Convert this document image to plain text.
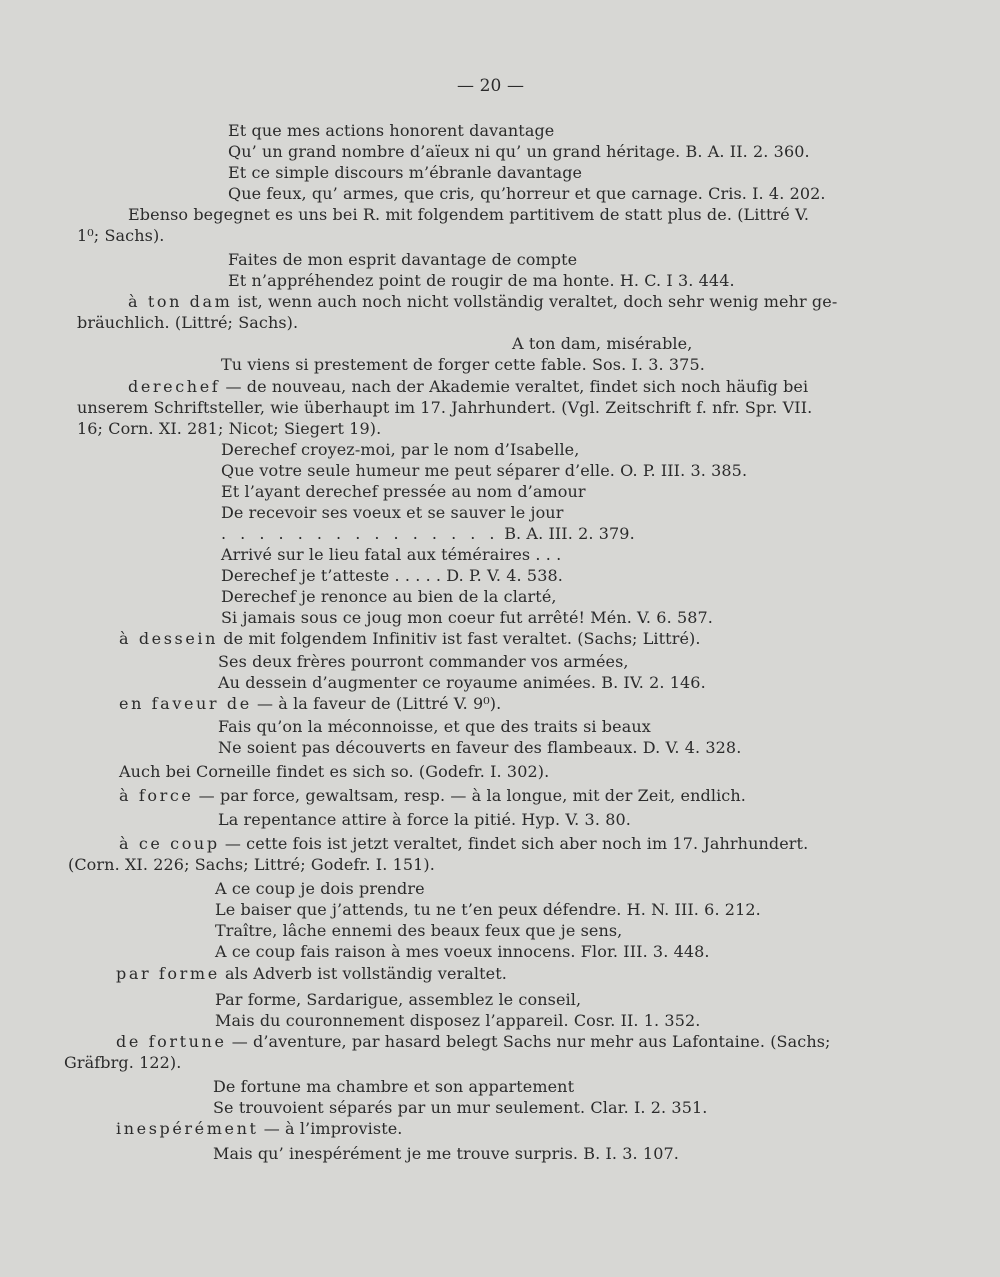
— 20 —
Et que mes actions honorent davantage
Qu’ un grand nombre d’aïeux ni qu’ un grand héritage. B. A. II. 2. 360.
Et ce simple discours m’ébranle davantage
Que feux, qu’ armes, que cris, qu’horreur et que carnage. Cris. I. 4. 202.
Ebenso begegnet es uns bei R. mit folgendem partitivem de statt plus de. (Littré V.
1⁰; Sachs).
Faites de mon esprit davantage de compte
Et n’appréhendez point de rougir de ma honte. H. C. I 3. 444.
à ton dam ist, wenn auch noch nicht vollständig veraltet, doch sehr wenig mehr ge-
bräuchlich. (Littré; Sachs).
A ton dam, misérable,
Tu viens si prestement de forger cette fable. Sos. I. 3. 375.
derechef — de nouveau, nach der Akademie veraltet, findet sich noch häufig bei
unserem Schriftsteller, wie überhaupt im 17. Jahrhundert. (Vgl. Zeitschrift f. nfr. Spr. VII.
16; Corn. XI. 281; Nicot; Siegert 19).
Derechef croyez-moi, par le nom d’Isabelle,
Que votre seule humeur me peut séparer d’elle. O. P. III. 3. 385.
Et l’ayant derechef pressée au nom d’amour
De recevoir ses voeux et se sauver le jour
. . . . . . . . . . . . . . . B. A. III. 2. 379.
Arrivé sur le lieu fatal aux téméraires . . .
Derechef je t’atteste . . . . . D. P. V. 4. 538.
Derechef je renonce au bien de la clarté,
Si jamais sous ce joug mon coeur fut arrêté! Mén. V. 6. 587.
à dessein de mit folgendem Infinitiv ist fast veraltet. (Sachs; Littré).
Ses deux frères pourront commander vos armées,
Au dessein d’augmenter ce royaume animées. B. IV. 2. 146.
en faveur de — à la faveur de (Littré V. 9⁰).
Fais qu’on la méconnoisse, et que des traits si beaux
Ne soient pas découverts en faveur des flambeaux. D. V. 4. 328.
Auch bei Corneille findet es sich so. (Godefr. I. 302).
à force — par force, gewaltsam, resp. — à la longue, mit der Zeit, endlich.
La repentance attire à force la pitié. Hyp. V. 3. 80.
à ce coup — cette fois ist jetzt veraltet, findet sich aber noch im 17. Jahrhundert.
(Corn. XI. 226; Sachs; Littré; Godefr. I. 151).
A ce coup je dois prendre
Le baiser que j’attends, tu ne t’en peux défendre. H. N. III. 6. 212.
Traître, lâche ennemi des beaux feux que je sens,
A ce coup fais raison à mes voeux innocens. Flor. III. 3. 448.
par forme als Adverb ist vollständig veraltet.
Par forme, Sardarigue, assemblez le conseil,
Mais du couronnement disposez l’appareil. Cosr. II. 1. 352.
de fortune — d’aventure, par hasard belegt Sachs nur mehr aus Lafontaine. (Sachs;
Gräfbrg. 122).
De fortune ma chambre et son appartement
Se trouvoient séparés par un mur seulement. Clar. I. 2. 351.
inespérément — à l’improviste.
Mais qu’ inespérément je me trouve surpris. B. I. 3. 107.
